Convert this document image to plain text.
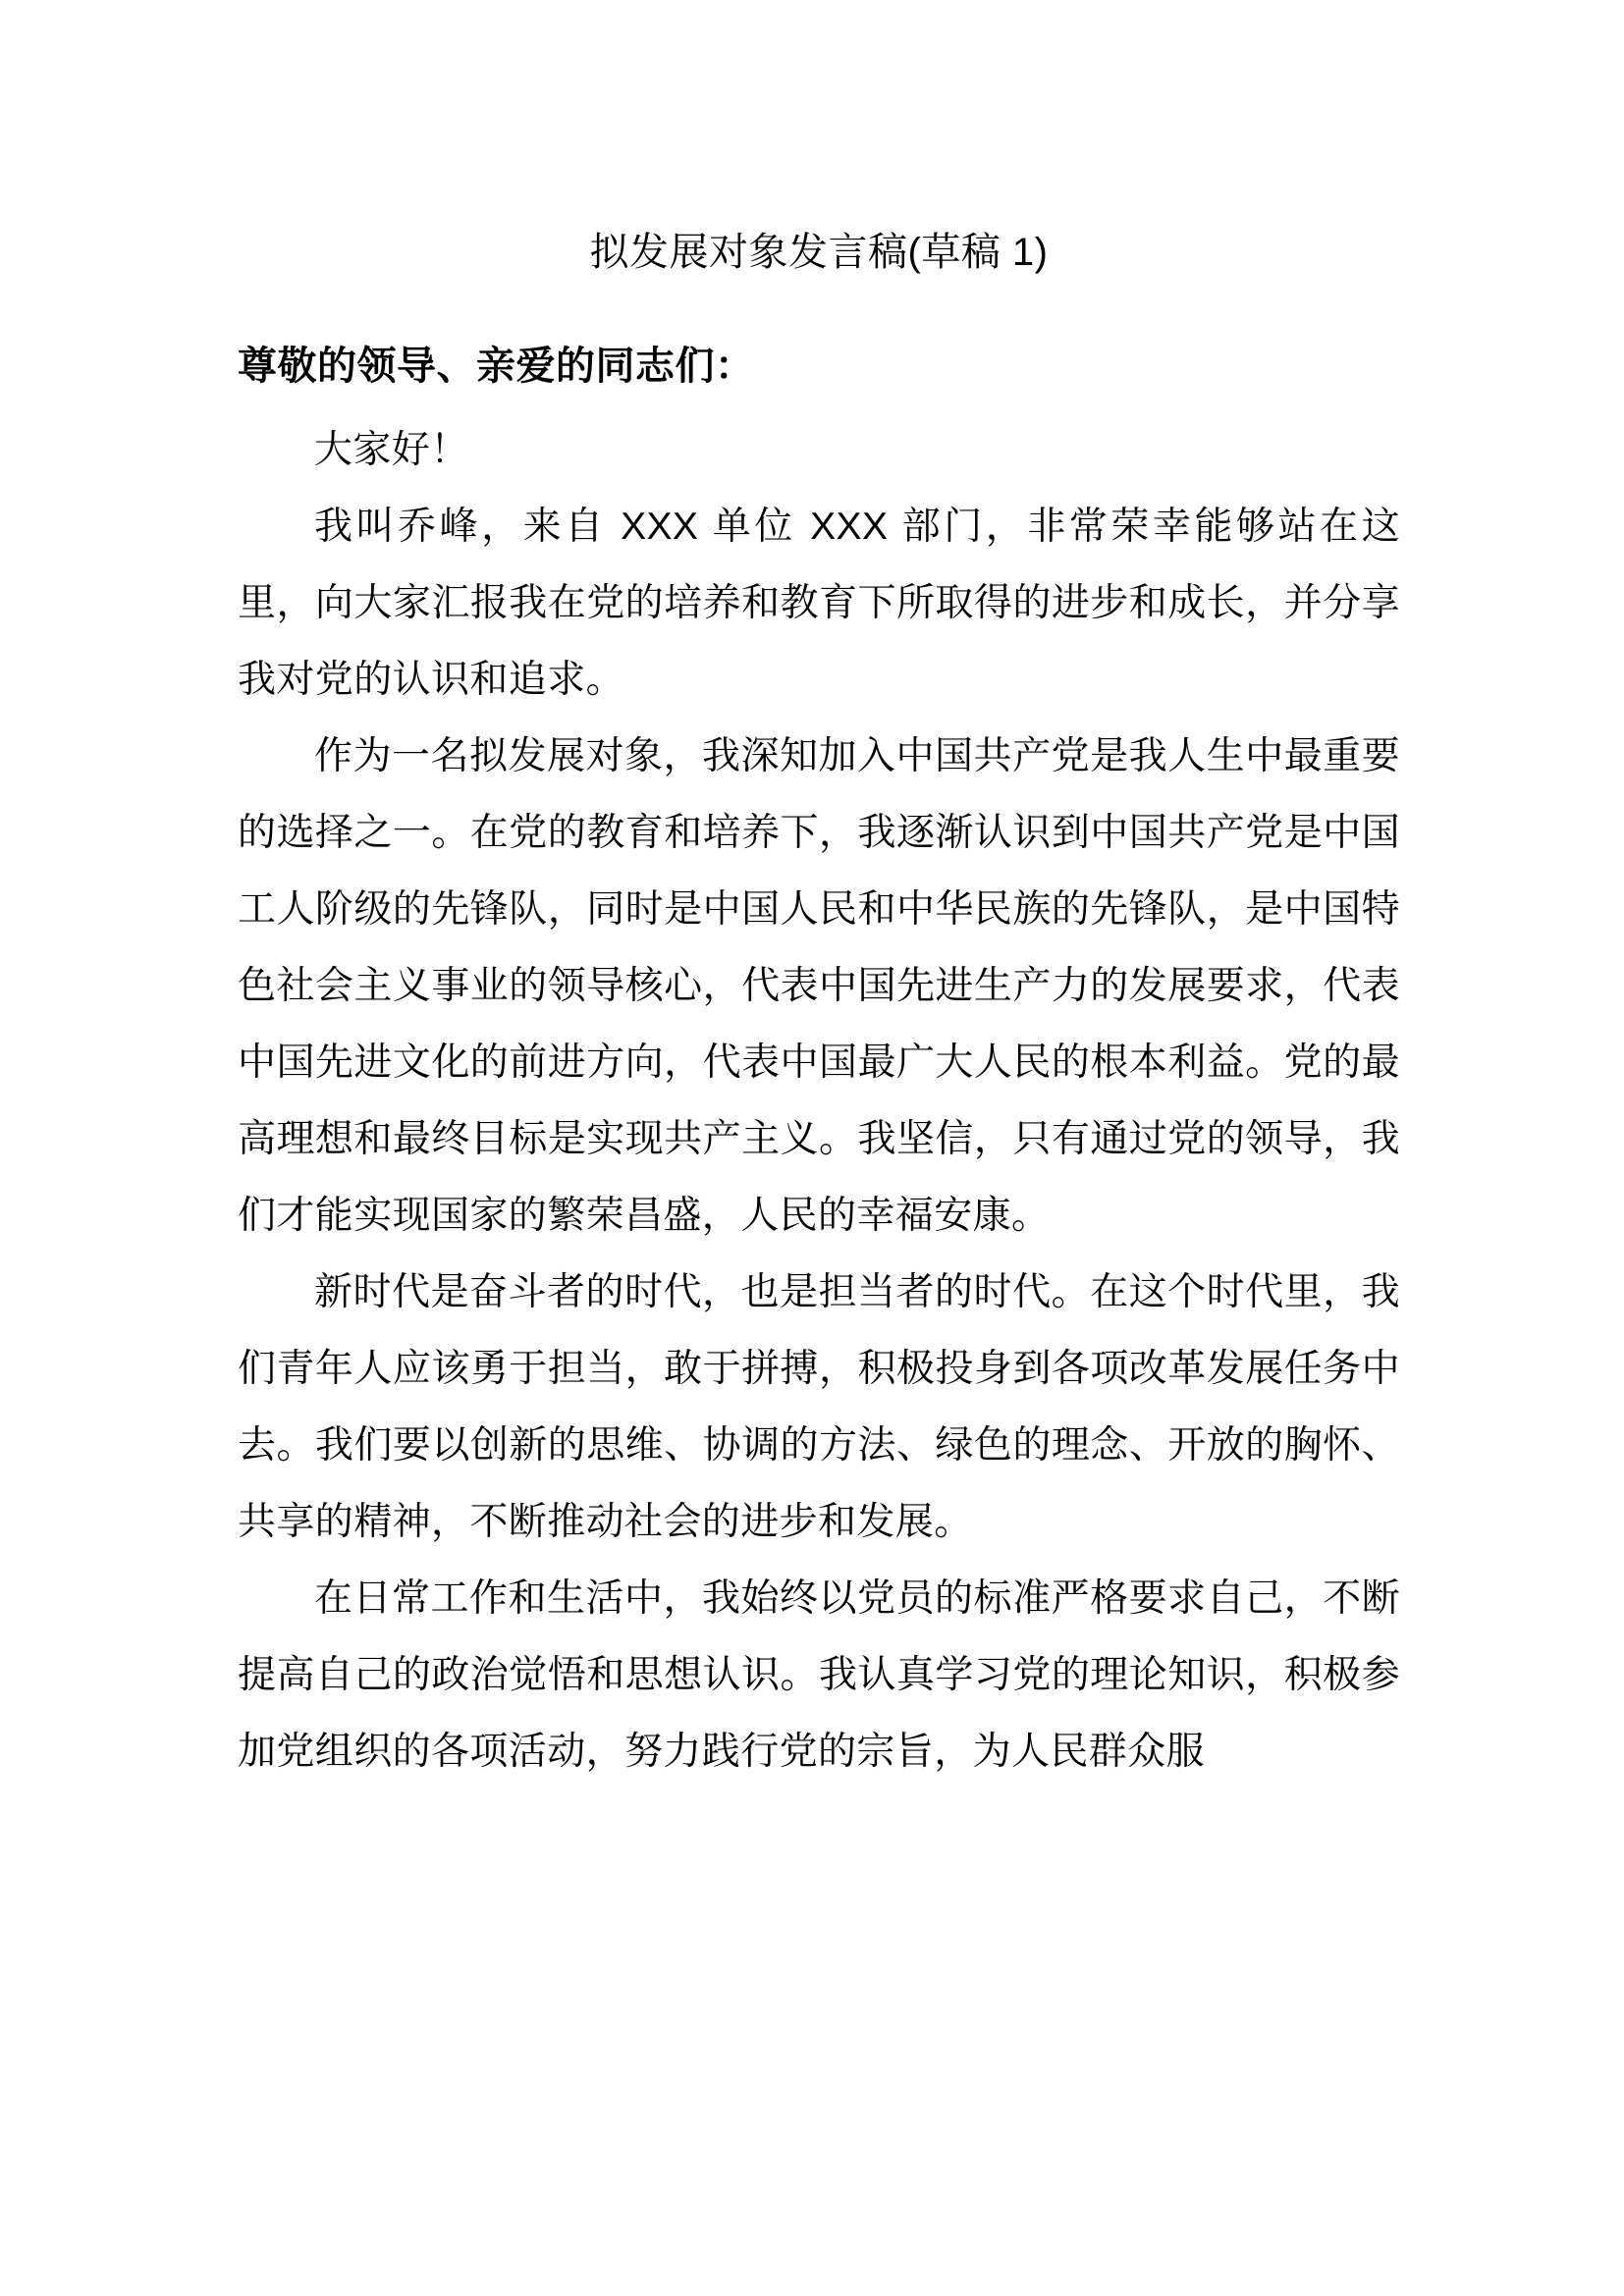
拟发展对象发言稿(草稿 1)

尊敬的领导、亲爱的同志们：

大家好！

我叫乔峰，来自 XXX 单位 XXX 部门，非常荣幸能够站在这里，向大家汇报我在党的培养和教育下所取得的进步和成长，并分享我对党的认识和追求。

作为一名拟发展对象，我深知加入中国共产党是我人生中最重要的选择之一。在党的教育和培养下，我逐渐认识到中国共产党是中国工人阶级的先锋队，同时是中国人民和中华民族的先锋队，是中国特色社会主义事业的领导核心，代表中国先进生产力的发展要求，代表中国先进文化的前进方向，代表中国最广大人民的根本利益。党的最高理想和最终目标是实现共产主义。我坚信，只有通过党的领导，我们才能实现国家的繁荣昌盛，人民的幸福安康。

新时代是奋斗者的时代，也是担当者的时代。在这个时代里，我们青年人应该勇于担当，敢于拼搏，积极投身到各项改革发展任务中去。我们要以创新的思维、协调的方法、绿色的理念、开放的胸怀、共享的精神，不断推动社会的进步和发展。

在日常工作和生活中，我始终以党员的标准严格要求自己，不断提高自己的政治觉悟和思想认识。我认真学习党的理论知识，积极参加党组织的各项活动，努力践行党的宗旨，为人民群众服
